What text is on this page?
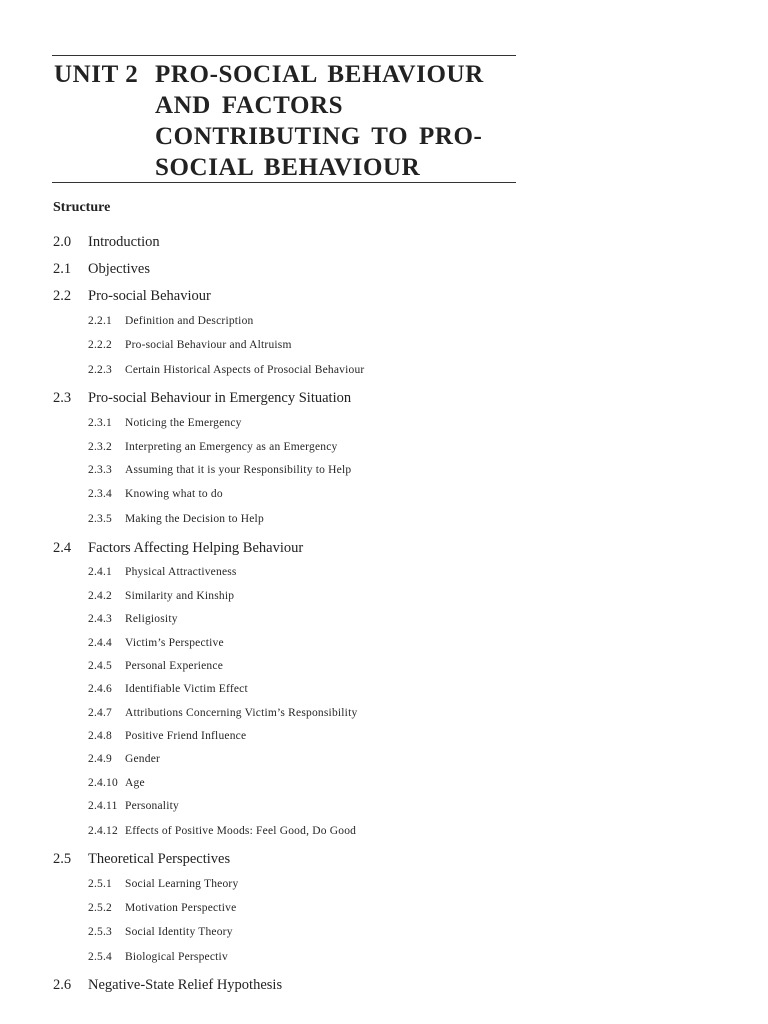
UNIT 2 PRO-SOCIAL BEHAVIOUR
AND FACTORS
CONTRIBUTING TO PRO-
SOCIAL BEHAVIOUR
Structure
2.0 Introduction
2.1 Objectives
2.2 Pro-social Behaviour
2.2.1 Definition and Description
2.2.2 Pro-social Behaviour and Altruism
2.2.3 Certain Historical Aspects of Prosocial Behaviour
2.3 Pro-social Behaviour in Emergency Situation
2.3.1 Noticing the Emergency
2.3.2 Interpreting an Emergency as an Emergency
2.3.3 Assuming that it is your Responsibility to Help
2.3.4 Knowing what to do
2.3.5 Making the Decision to Help
2.4 Factors Affecting Helping Behaviour
2.4.1 Physical Attractiveness
2.4.2 Similarity and Kinship
2.4.3 Religiosity
2.4.4 Victim’s Perspective
2.4.5 Personal Experience
2.4.6 Identifiable Victim Effect
2.4.7 Attributions Concerning Victim’s Responsibility
2.4.8 Positive Friend Influence
2.4.9 Gender
2.4.10 Age
2.4.11 Personality
2.4.12 Effects of Positive Moods: Feel Good, Do Good
2.5 Theoretical Perspectives
2.5.1 Social Learning Theory
2.5.2 Motivation Perspective
2.5.3 Social Identity Theory
2.5.4 Biological Perspectiv
2.6 Negative-State Relief Hypothesis
